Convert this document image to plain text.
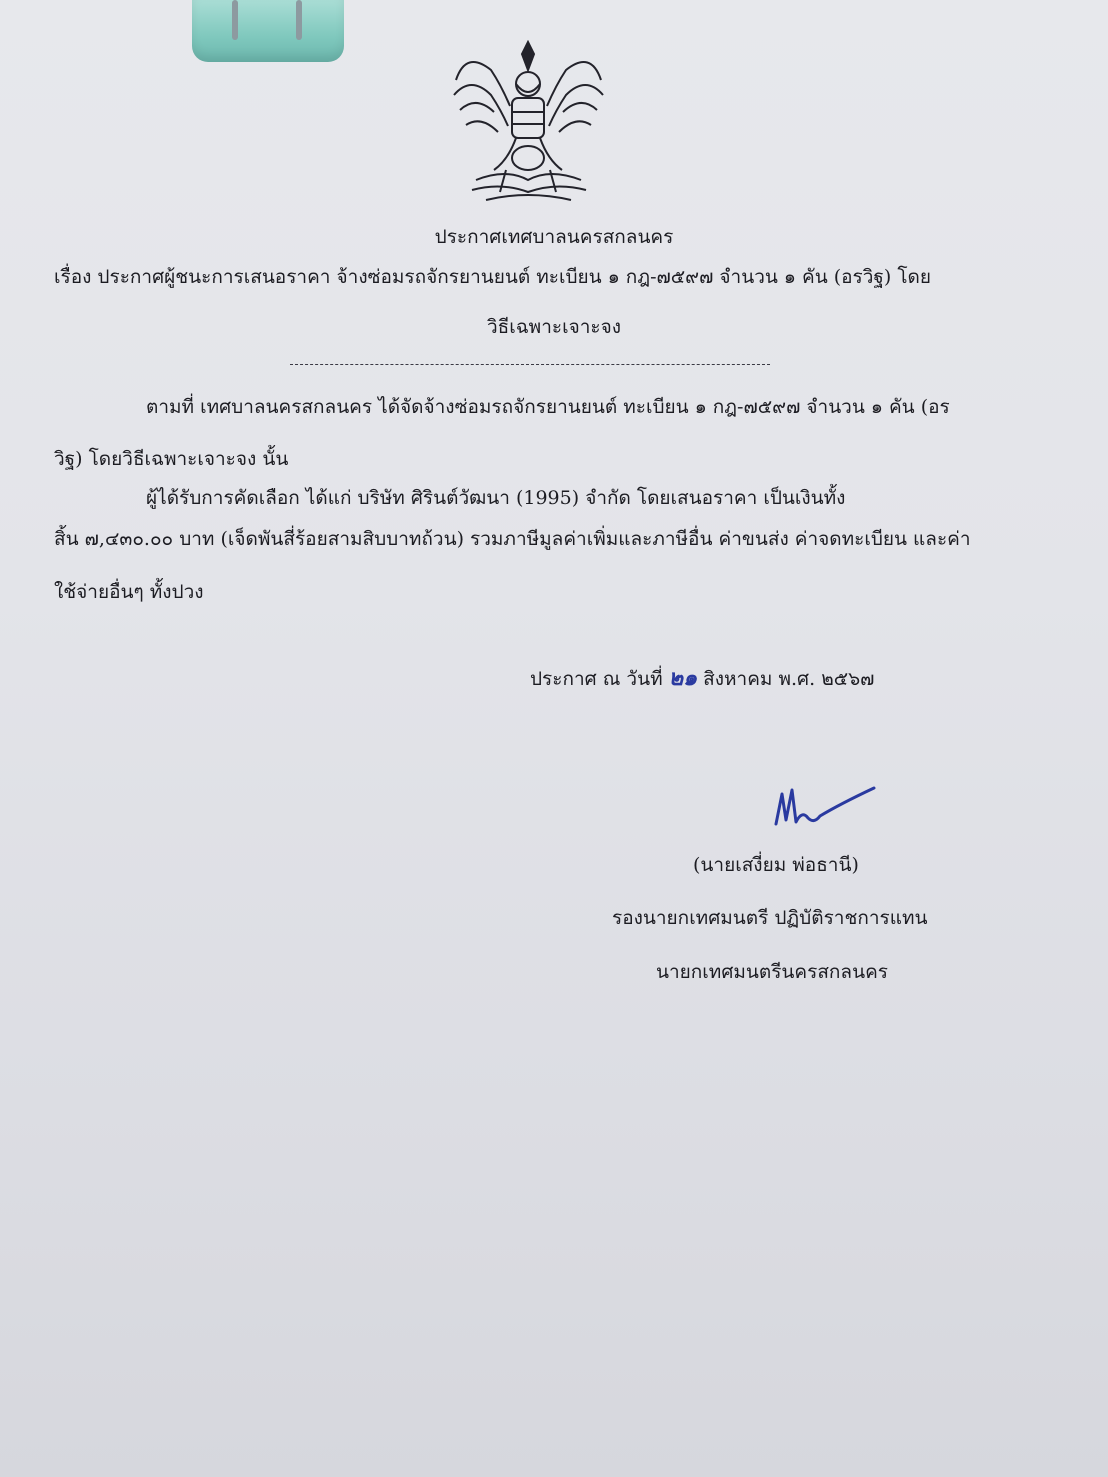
ประกาศเทศบาลนครสกลนคร
เรื่อง ประกาศผู้ชนะการเสนอราคา จ้างซ่อมรถจักรยานยนต์ ทะเบียน ๑ กฎ-๗๕๙๗ จำนวน ๑ คัน (อรวิฐ) โดย
วิธีเฉพาะเจาะจง
ตามที่ เทศบาลนครสกลนคร ได้จัดจ้างซ่อมรถจักรยานยนต์ ทะเบียน ๑ กฎ-๗๕๙๗ จำนวน ๑ คัน (อร
วิฐ) โดยวิธีเฉพาะเจาะจง นั้น
ผู้ได้รับการคัดเลือก ได้แก่ บริษัท ศิรินต์วัฒนา (1995) จำกัด โดยเสนอราคา เป็นเงินทั้ง
สิ้น ๗,๔๓๐.๐๐ บาท (เจ็ดพันสี่ร้อยสามสิบบาทถ้วน) รวมภาษีมูลค่าเพิ่มและภาษีอื่น ค่าขนส่ง ค่าจดทะเบียน และค่า
ใช้จ่ายอื่นๆ ทั้งปวง
ประกาศ ณ วันที่ ๒๑ สิงหาคม พ.ศ. ๒๕๖๗
(นายเสงี่ยม พ่อธานี)
รองนายกเทศมนตรี ปฏิบัติราชการแทน
นายกเทศมนตรีนครสกลนคร
